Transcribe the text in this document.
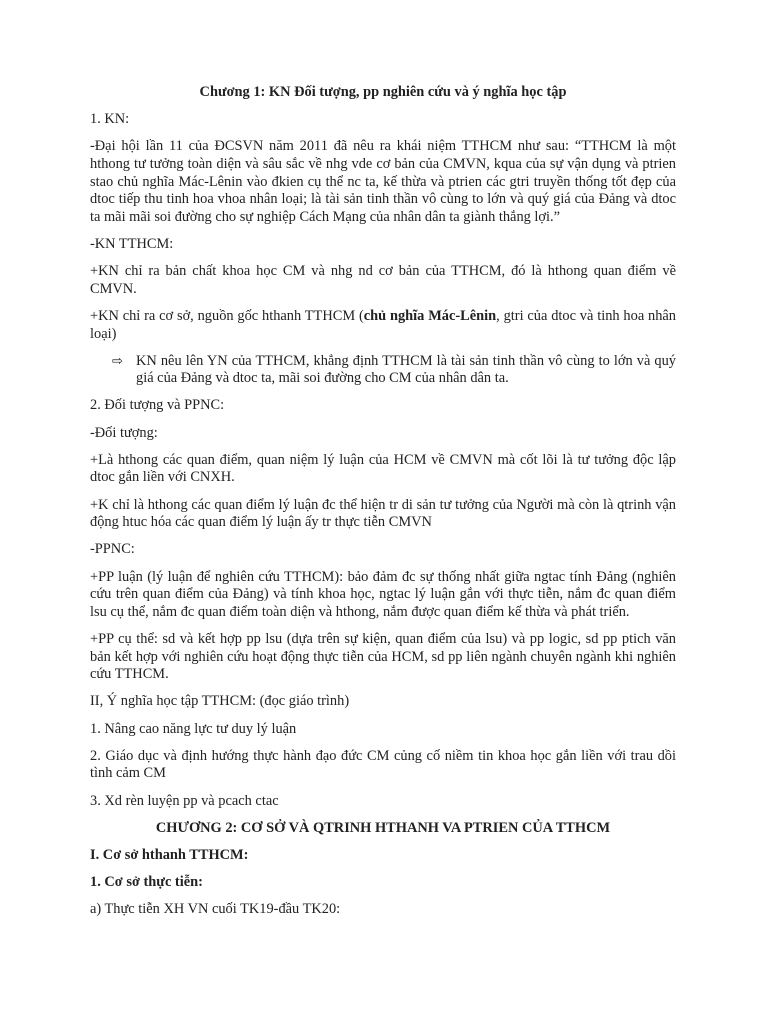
Chương 1: KN Đối tượng, pp nghiên cứu và ý nghĩa học tập

1. KN:

-Đại hội lần 11 của ĐCSVN năm 2011 đã nêu ra khái niệm TTHCM như sau: “TTHCM là một hthong tư tưởng toàn diện và sâu sắc về nhg vde cơ bản của CMVN, kqua của sự vận dụng và ptrien stao chủ nghĩa Mác-Lênin vào đkien cụ thể nc ta, kế thừa và ptrien các gtri truyền thống tốt đẹp của dtoc tiếp thu tinh hoa vhoa nhân loại; là tài sản tinh thần vô cùng to lớn và quý giá của Đảng và dtoc ta mãi mãi soi đường cho sự nghiệp Cách Mạng của nhân dân ta giành thắng lợi.”

-KN TTHCM:

+KN chỉ ra bản chất khoa học CM và nhg nd cơ bản của TTHCM, đó là hthong quan điểm về CMVN.

+KN chỉ ra cơ sở, nguồn gốc hthanh TTHCM (chủ nghĩa Mác-Lênin, gtri của dtoc và tinh hoa nhân loại)

⇨ KN nêu lên YN của TTHCM, khẳng định TTHCM là tài sản tinh thần vô cùng to lớn và quý giá của Đảng và dtoc ta, mãi soi đường cho CM của nhân dân ta.

2. Đối tượng và PPNC:

-Đối tượng:

+Là hthong các quan điểm, quan niệm lý luận của HCM về CMVN mà cốt lõi là tư tưởng độc lập dtoc gắn liền với CNXH.

+K chỉ là hthong các quan điểm lý luận đc thể hiện tr di sản tư tưởng của Người mà còn là qtrinh vận động htuc hóa các quan điểm lý luận ấy tr thực tiễn CMVN

-PPNC:

+PP luận (lý luận để nghiên cứu TTHCM): bảo đảm đc sự thống nhất giữa ngtac tính Đảng (nghiên cứu trên quan điểm của Đảng) và tính khoa học, ngtac lý luận gắn với thực tiễn, nắm đc quan điểm lsu cụ thể, nắm đc quan điểm toàn diện và hthong, nắm được quan điểm kế thừa và phát triển.

+PP cụ thể: sd và kết hợp pp lsu (dựa trên sự kiện, quan điểm của lsu) và pp logic, sd pp ptich văn bản kết hợp với nghiên cứu hoạt động thực tiễn của HCM, sd pp liên ngành chuyên ngành khi nghiên cứu TTHCM.

II, Ý nghĩa học tập TTHCM: (đọc giáo trình)

1. Nâng cao năng lực tư duy lý luận

2. Giáo dục và định hướng thực hành đạo đức CM củng cố niềm tin khoa học gắn liền với trau dồi tình cảm CM

3. Xd rèn luyện pp và pcach ctac

CHƯƠNG 2: CƠ SỞ VÀ QTRINH HTHANH VA PTRIEN CỦA TTHCM

I. Cơ sở hthanh TTHCM:

1. Cơ sở thực tiễn:

a) Thực tiễn XH VN cuối TK19-đầu TK20:
